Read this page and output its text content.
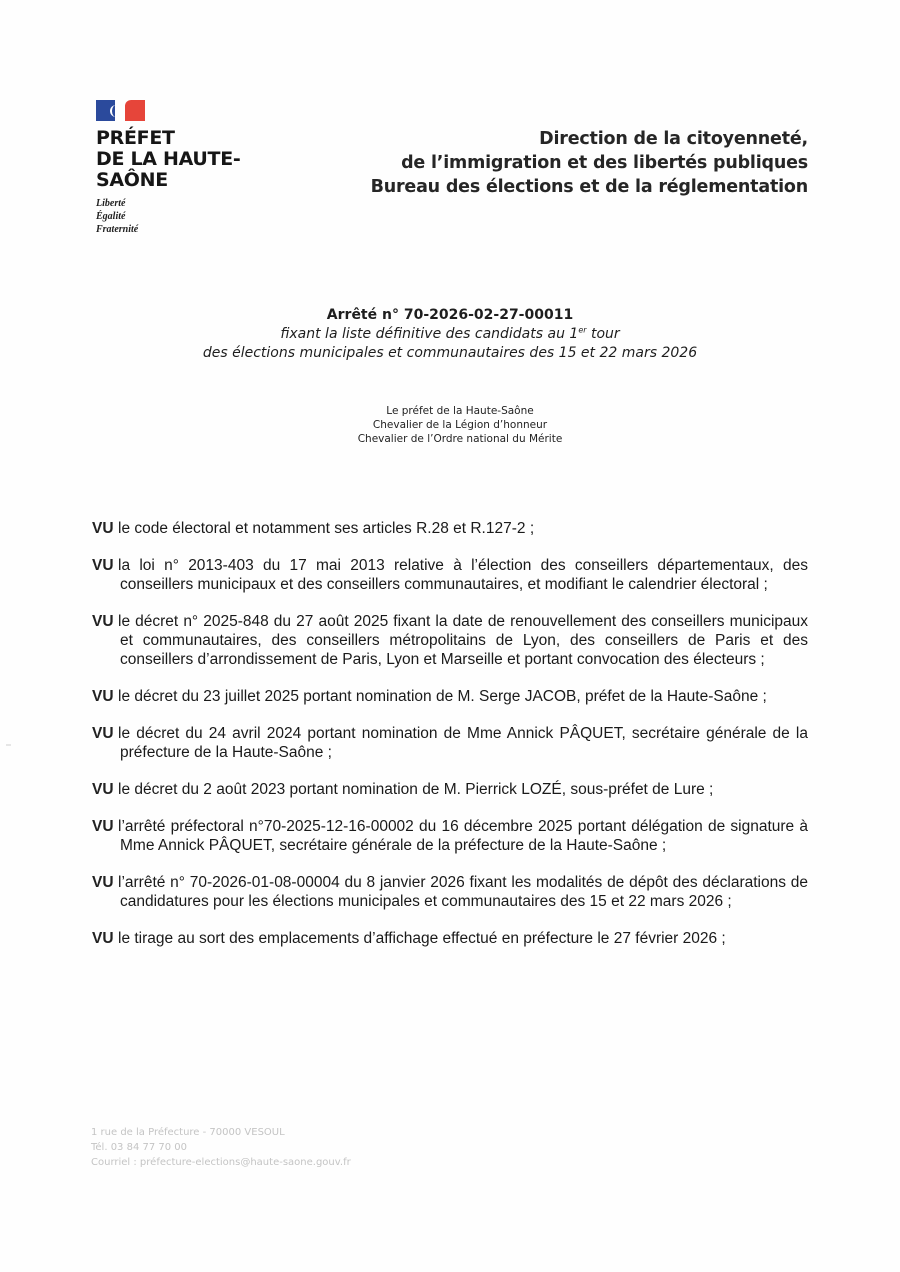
PRÉFET
DE LA HAUTE-
SAÔNE
Liberté
Égalité
Fraternité
Direction de la citoyenneté,
de l’immigration et des libertés publiques
Bureau des élections et de la réglementation
Arrêté n° 70-2026-02-27-00011
fixant la liste définitive des candidats au 1er tour
des élections municipales et communautaires des 15 et 22 mars 2026
Le préfet de la Haute-Saône
Chevalier de la Légion d’honneur
Chevalier de l’Ordre national du Mérite

VU le code électoral et notamment ses articles R.28 et R.127-2 ;

VU la loi n° 2013-403 du 17 mai 2013 relative à l’élection des conseillers départementaux, des conseillers municipaux et des conseillers communautaires, et modifiant le calendrier électoral ;

VU le décret n° 2025-848 du 27 août 2025 fixant la date de renouvellement des conseillers municipaux et communautaires, des conseillers métropolitains de Lyon, des conseillers de Paris et des conseillers d’arrondissement de Paris, Lyon et Marseille et portant convocation des électeurs ;

VU le décret du 23 juillet 2025 portant nomination de M. Serge JACOB, préfet de la Haute-Saône ;

VU le décret du 24 avril 2024 portant nomination de Mme Annick PÂQUET, secrétaire générale de la préfecture de la Haute-Saône ;

VU le décret du 2 août 2023 portant nomination de M. Pierrick LOZÉ, sous-préfet de Lure ;

VU l’arrêté préfectoral n°70-2025-12-16-00002 du 16 décembre 2025 portant délégation de signature à Mme Annick PÂQUET, secrétaire générale de la préfecture de la Haute-Saône ;

VU l’arrêté n° 70-2026-01-08-00004 du 8 janvier 2026 fixant les modalités de dépôt des déclarations de candidatures pour les élections municipales et communautaires des 15 et 22 mars 2026 ;

VU le tirage au sort des emplacements d’affichage effectué en préfecture le 27 février 2026 ;

1 rue de la Préfecture - 70000 VESOUL
Tél. 03 84 77 70 00
Courriel : préfecture-elections@haute-saone.gouv.fr
